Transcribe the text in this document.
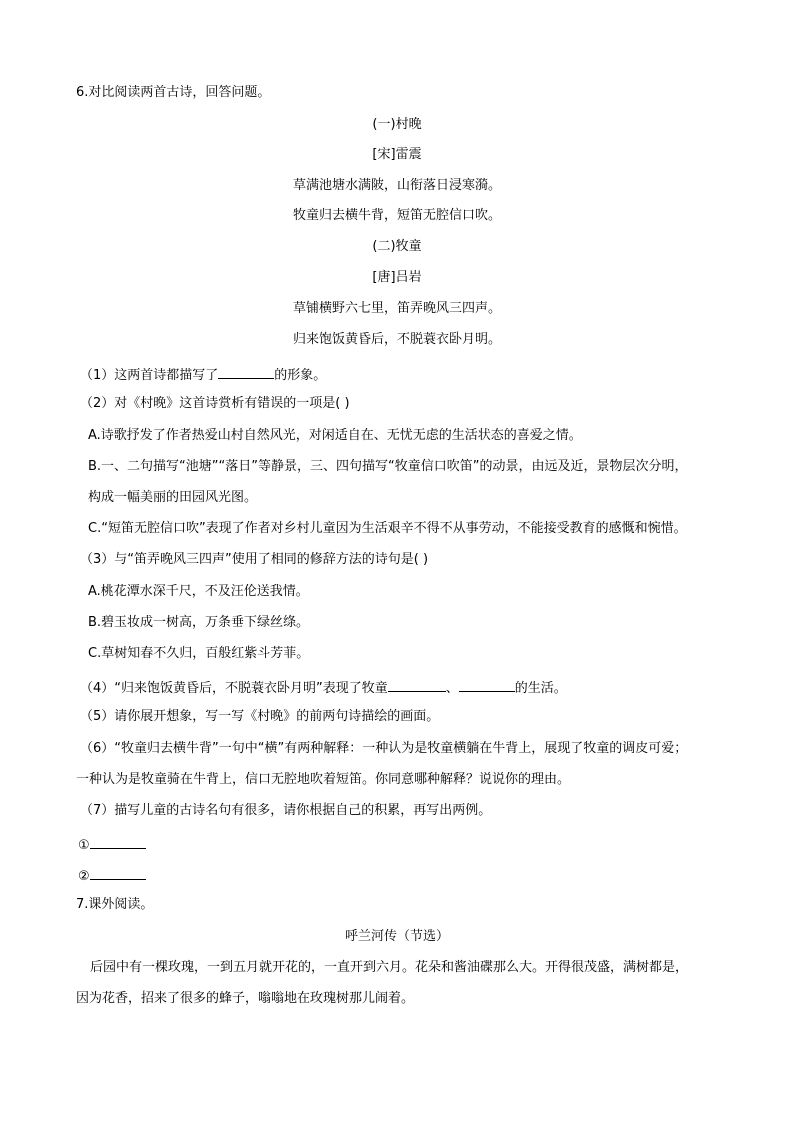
6.对比阅读两首古诗，回答问题。
(一)村晚
[宋]雷震
草满池塘水满陂，山衔落日浸寒漪。
牧童归去横牛背，短笛无腔信口吹。
(二)牧童
[唐]吕岩
草铺横野六七里，笛弄晚风三四声。
归来饱饭黄昏后，不脱蓑衣卧月明。
（1）这两首诗都描写了	的形象。
（2）对《村晚》这首诗赏析有错误的一项是( )
A.诗歌抒发了作者热爱山村自然风光，对闲适自在、无忧无虑的生活状态的喜爱之情。
B.一、二句描写“池塘”“落日”等静景，三、四句描写“牧童信口吹笛”的动景，由远及近，景物层次分明，
构成一幅美丽的田园风光图。
C.“短笛无腔信口吹”表现了作者对乡村儿童因为生活艰辛不得不从事劳动，不能接受教育的感慨和惋惜。
（3）与“笛弄晚风三四声”使用了相同的修辞方法的诗句是( )
A.桃花潭水深千尺，不及汪伦送我情。
B.碧玉妆成一树高，万条垂下绿丝绦。
C.草树知春不久归，百般红紫斗芳菲。
（4）“归来饱饭黄昏后，不脱蓑衣卧月明”表现了牧童	、	的生活。
（5）请你展开想象，写一写《村晚》的前两句诗描绘的画面。
（6）“牧童归去横牛背”一句中“横”有两种解释：一种认为是牧童横躺在牛背上，展现了牧童的调皮可爱；
一种认为是牧童骑在牛背上，信口无腔地吹着短笛。你同意哪种解释？说说你的理由。
（7）描写儿童的古诗名句有很多，请你根据自己的积累，再写出两例。
①
②
7.课外阅读。
呼兰河传（节选）
后园中有一棵玫瑰，一到五月就开花的，一直开到六月。花朵和酱油碟那么大。开得很茂盛，满树都是，
因为花香，招来了很多的蜂子，嗡嗡地在玫瑰树那儿闹着。
